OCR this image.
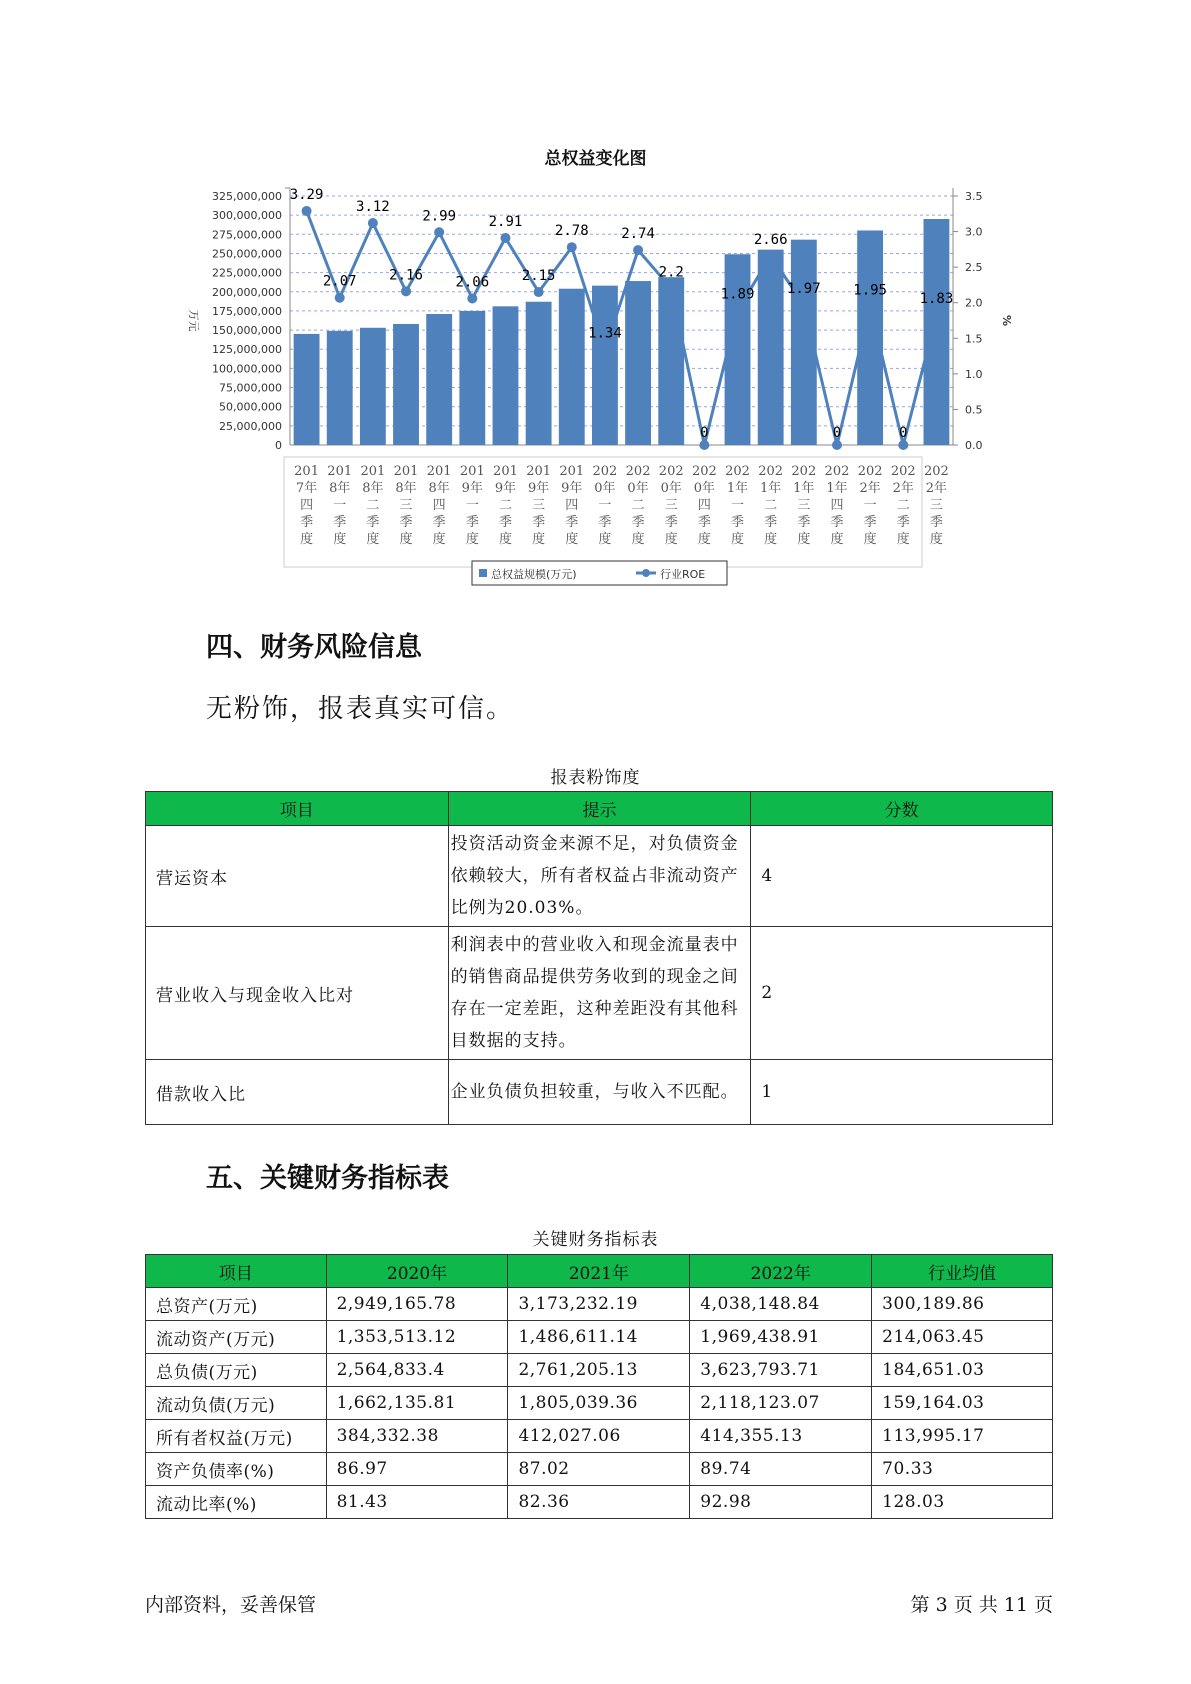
总权益变化图
325,000,000
300,000,000
275,000,000
250,000,000
225,000,000
200,000,000
175,000,000
150,000,000
125,000,000
100,000,000
75,000,000
50,000,000
25,000,000
0
3.5
3.0
2.5
2.0
1.5
1.0
0.5
0.0
万元	%
201
7年
四
季
度
201
8年
一
季
度
201
8年
二
季
度
201
8年
三
季
度
201
8年
四
季
度
201
9年
一
季
度
201
9年
二
季
度
201
9年
三
季
度
201
9年
四
季
度
202
0年
一
季
度
202
0年
二
季
度
202
0年
三
季
度
202
0年
四
季
度
202
1年
一
季
度
202
1年
二
季
度
202
1年
三
季
度
202
1年
四
季
度
202
2年
一
季
度
202
2年
二
季
度
202
2年
三
季
度
3.29
2.07
3.12
2.16
2.99
2.06
2.91
2.15
2.78
1.34
2.74
2.2
0
1.89
2.66
1.97
0
1.95
0
1.83
总权益规模(万元)	行业ROE
四、财务风险信息
无粉饰，报表真实可信。
报表粉饰度
项目	提示	分数
营运资本	投资活动资金来源不足，对负债资金依赖较大，所有者权益占非流动资产比例为20.03%。	4
营业收入与现金收入比对	利润表中的营业收入和现金流量表中的销售商品提供劳务收到的现金之间存在一定差距，这种差距没有其他科目数据的支持。	2
借款收入比	企业负债负担较重，与收入不匹配。	1
五、关键财务指标表
关键财务指标表
项目	2020年	2021年	2022年	行业均值
总资产(万元)	2,949,165.78	3,173,232.19	4,038,148.84	300,189.86
流动资产(万元)	1,353,513.12	1,486,611.14	1,969,438.91	214,063.45
总负债(万元)	2,564,833.4	2,761,205.13	3,623,793.71	184,651.03
流动负债(万元)	1,662,135.81	1,805,039.36	2,118,123.07	159,164.03
所有者权益(万元)	384,332.38	412,027.06	414,355.13	113,995.17
资产负债率(%)	86.97	87.02	89.74	70.33
流动比率(%)	81.43	82.36	92.98	128.03
内部资料，妥善保管	第 3 页 共 11 页
